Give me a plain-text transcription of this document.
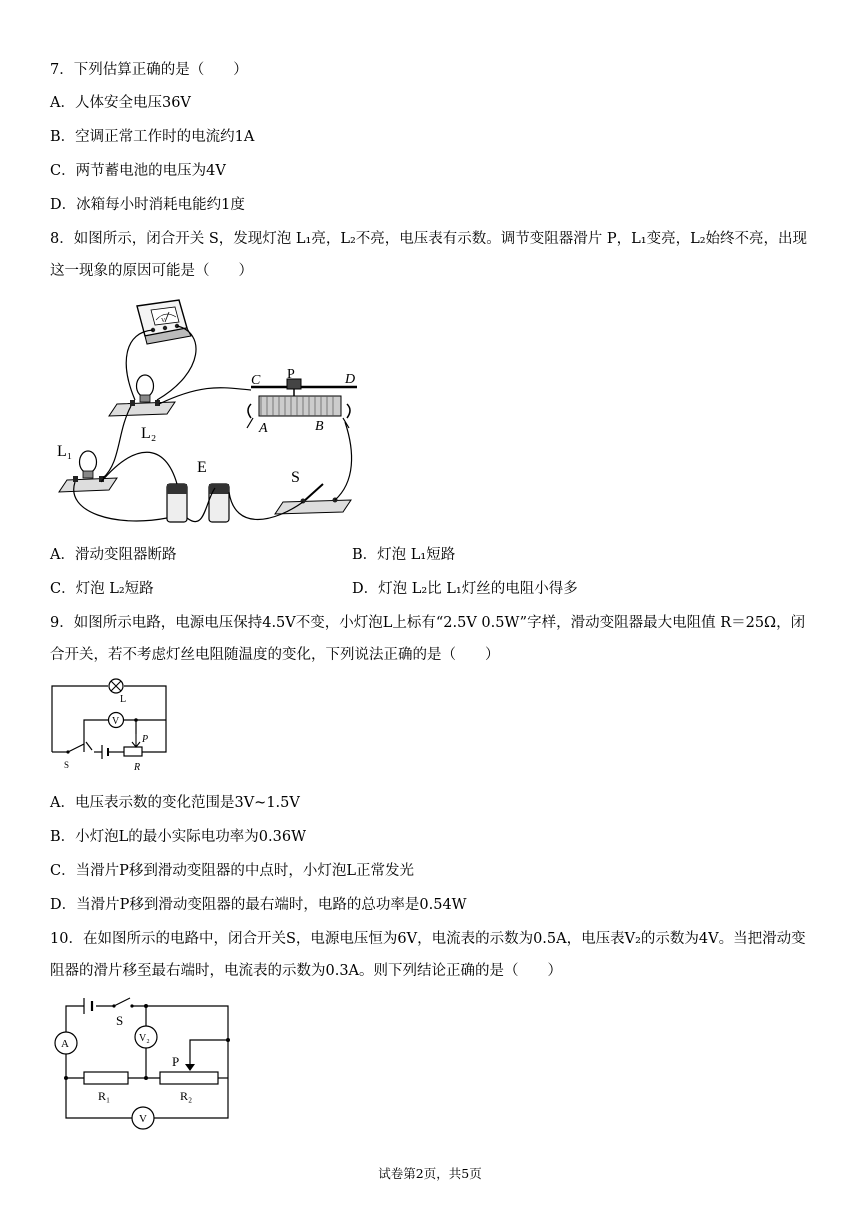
7．下列估算正确的是（　　）
A．人体安全电压36V
B．空调正常工作时的电流约1A
C．两节蓄电池的电压为4V
D．冰箱每小时消耗电能约1度
8．如图所示，闭合开关 S，发现灯泡 L₁亮，L₂不亮，电压表有示数。调节变阻器滑片 P，L₁变亮，L₂始终不亮，出现这一现象的原因可能是（　　）
V
L₂
C P	D
A	B
L₁
E
S
A．滑动变阻器断路	B．灯泡 L₁短路
C．灯泡 L₂短路	D．灯泡 L₂比 L₁灯丝的电阻小得多
9．如图所示电路，电源电压保持4.5V不变，小灯泡L上标有“2.5V 0.5W”字样，滑动变阻器最大电阻值 R＝25Ω，闭合开关，若不考虑灯丝电阻随温度的变化，下列说法正确的是（　　）
L
V
S
P
R
A．电压表示数的变化范围是3V~1.5V
B．小灯泡L的最小实际电功率为0.36W
C．当滑片P移到滑动变阻器的中点时，小灯泡L正常发光
D．当滑片P移到滑动变阻器的最右端时，电路的总功率是0.54W
10．在如图所示的电路中，闭合开关S，电源电压恒为6V，电流表的示数为0.5A，电压表V₂的示数为4V。当把滑动变阻器的滑片移至最右端时，电流表的示数为0.3A。则下列结论正确的是（　　）
S
A	V₂
R₁
P
R₂
V
试卷第2页，共5页
